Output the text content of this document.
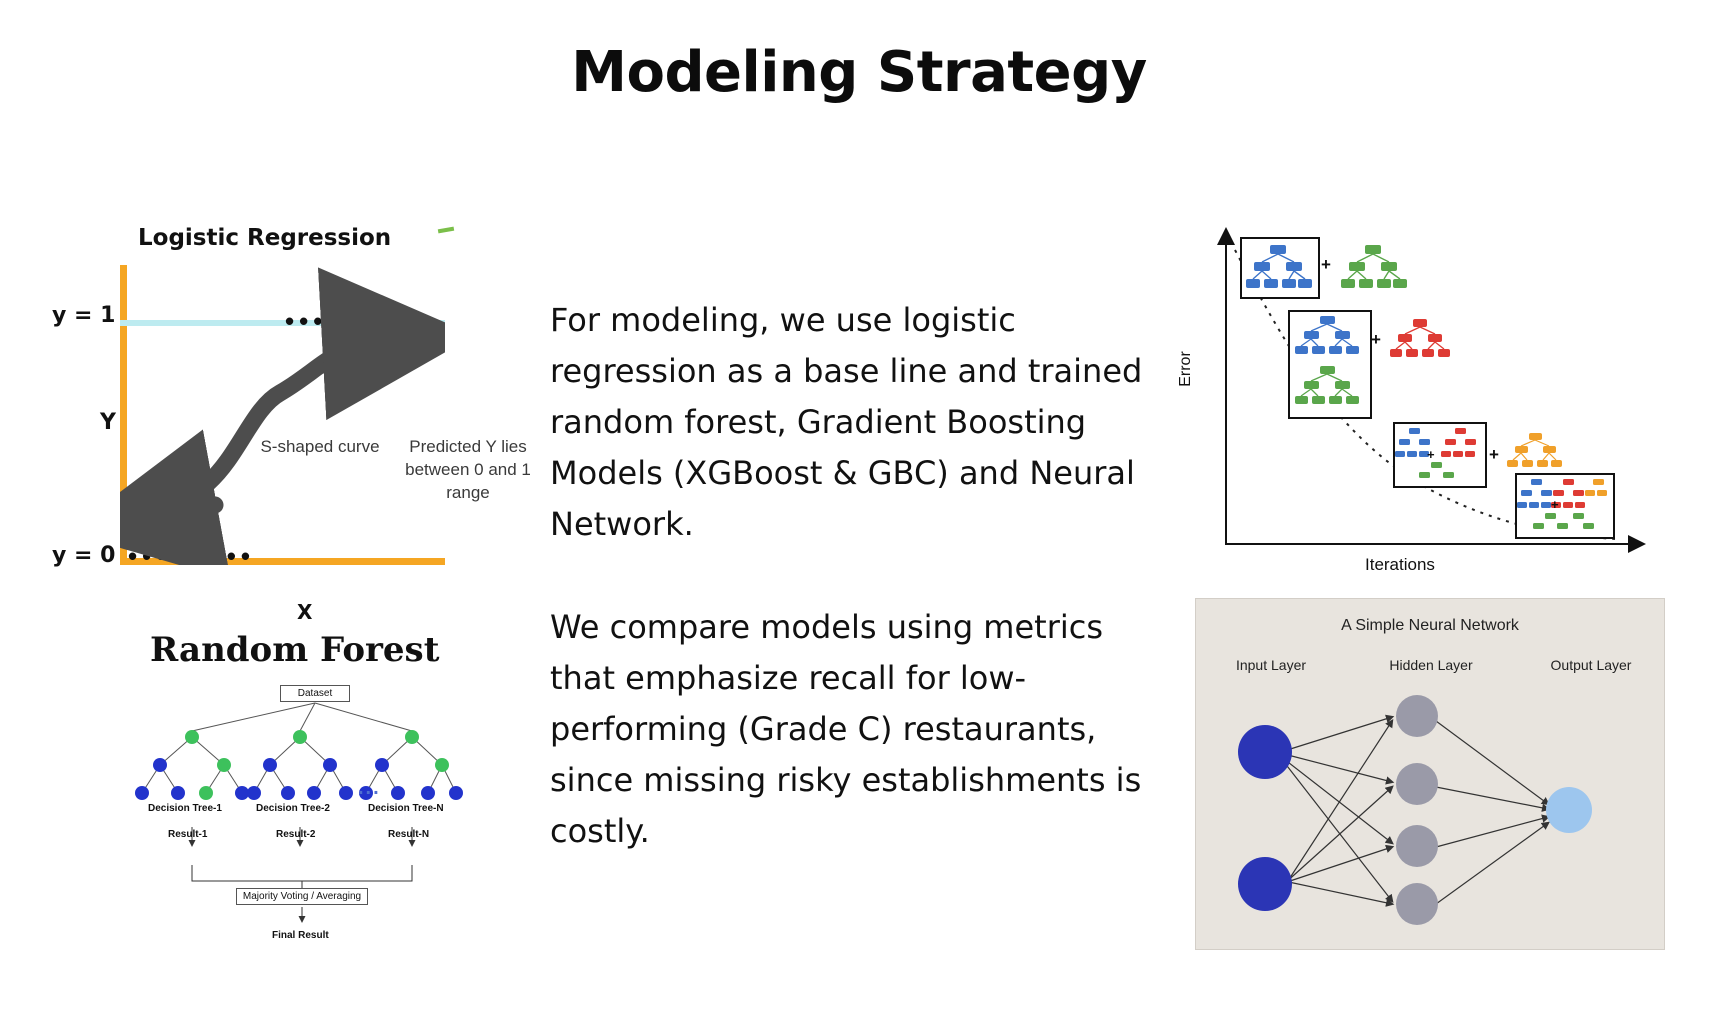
Modeling Strategy
Logistic Regression
••••••••••
•••••••••
S-shaped curve	Predicted Y lies between 0 and 1 range
y = 1
y = 0
Y
X
Random Forest
Dataset
...
Decision Tree-1	Decision Tree-2	Decision Tree-N
Result-1	Result-2	Result-N
Majority Voting / Averaging
Final Result
For modeling, we use logistic regression as a base line and trained random forest, Gradient Boosting Models (XGBoost & GBC) and Neural Network.
We compare models using metrics that emphasize recall for low-performing (Grade C) restaurants, since missing risky establishments is costly.
Error
Iterations
+
+
+	+
+
A Simple Neural Network
Input Layer	Hidden Layer	Output Layer
